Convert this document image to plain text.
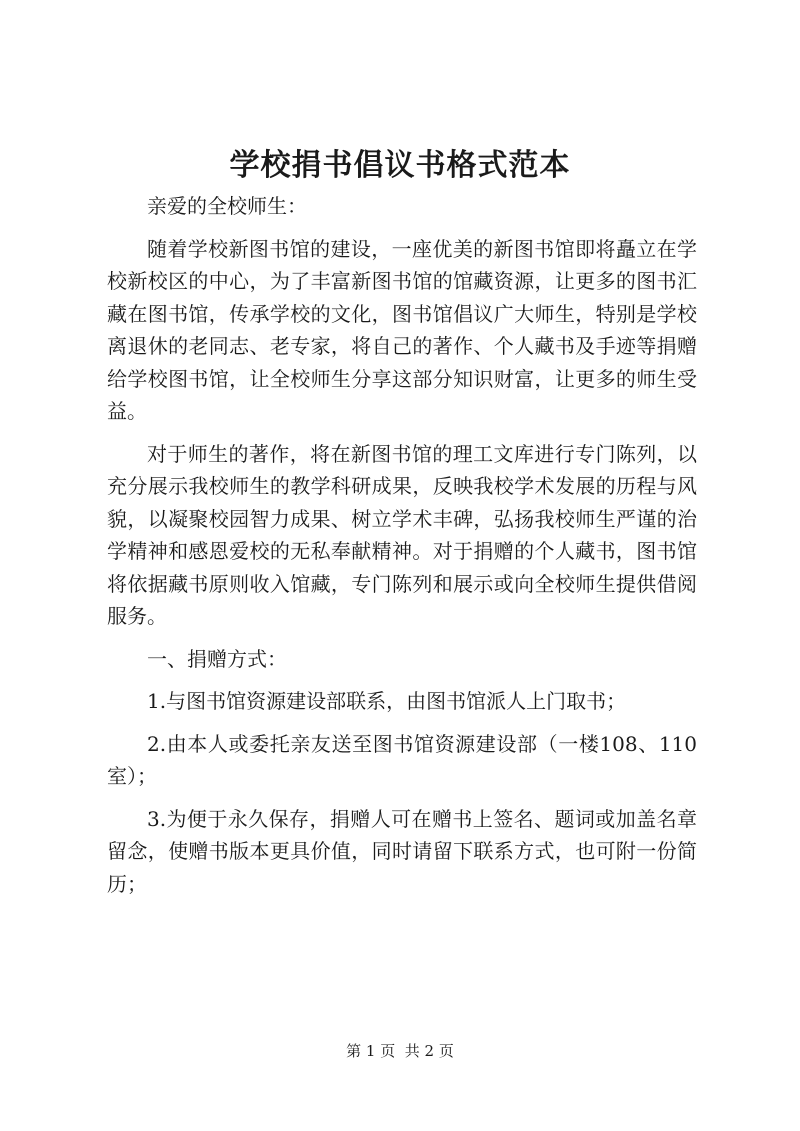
学校捐书倡议书格式范本

亲爱的全校师生：

随着学校新图书馆的建设，一座优美的新图书馆即将矗立在学校新校区的中心，为了丰富新图书馆的馆藏资源，让更多的图书汇藏在图书馆，传承学校的文化，图书馆倡议广大师生，特别是学校离退休的老同志、老专家，将自己的著作、个人藏书及手迹等捐赠给学校图书馆，让全校师生分享这部分知识财富，让更多的师生受益。

对于师生的著作，将在新图书馆的理工文库进行专门陈列，以充分展示我校师生的教学科研成果，反映我校学术发展的历程与风貌，以凝聚校园智力成果、树立学术丰碑，弘扬我校师生严谨的治学精神和感恩爱校的无私奉献精神。对于捐赠的个人藏书，图书馆将依据藏书原则收入馆藏，专门陈列和展示或向全校师生提供借阅服务。

一、捐赠方式：

1.与图书馆资源建设部联系，由图书馆派人上门取书；

2.由本人或委托亲友送至图书馆资源建设部（一楼108、110室）；

3.为便于永久保存，捐赠人可在赠书上签名、题词或加盖名章留念，使赠书版本更具价值，同时请留下联系方式，也可附一份简历；

第 1 页  共 2 页
